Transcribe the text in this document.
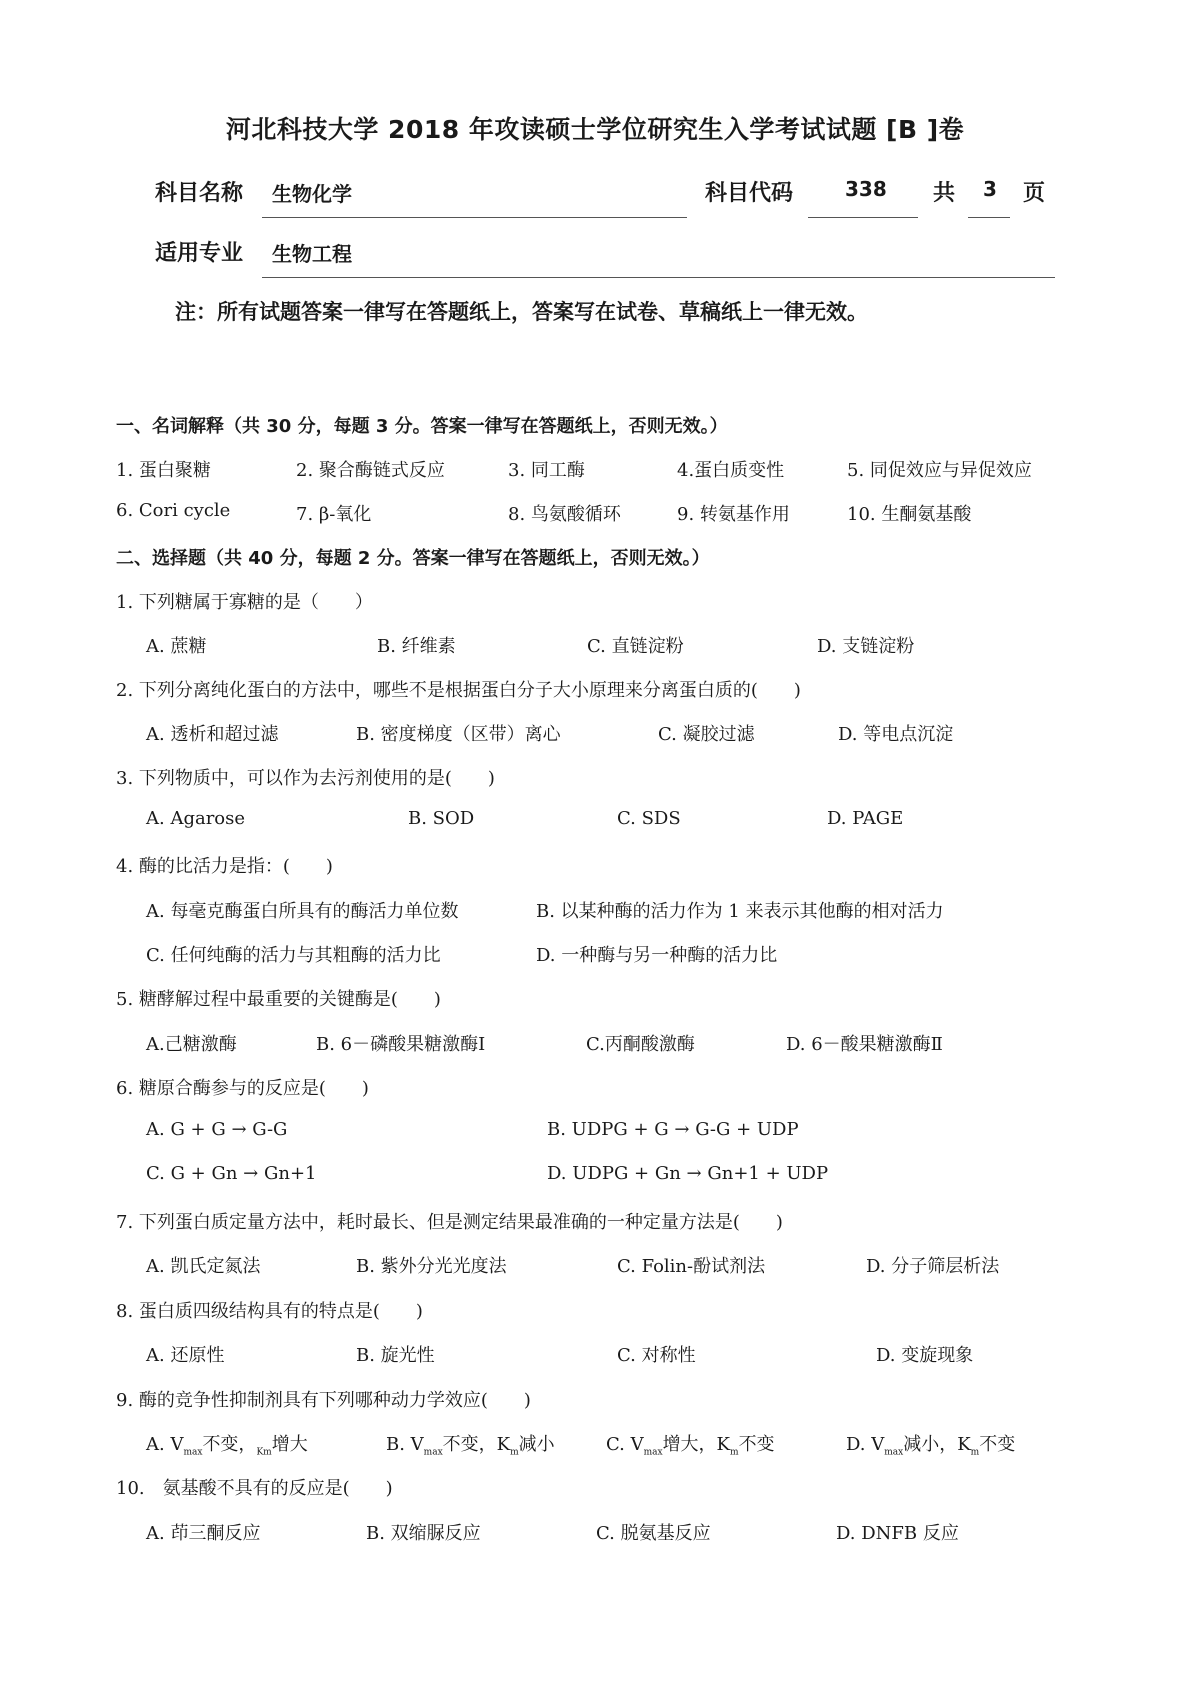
河北科技大学 2018 年攻读硕士学位研究生入学考试试题 [B ]卷
科目名称 生物化学	科目代码	338 共 3 页
适用专业 生物工程
注：所有试题答案一律写在答题纸上，答案写在试卷、草稿纸上一律无效。
一、名词解释（共 30 分，每题 3 分。答案一律写在答题纸上，否则无效。）
1. 蛋白聚糖	2. 聚合酶链式反应	3. 同工酶	4.蛋白质变性	5. 同促效应与异促效应
6. Cori cycle	7. β-氧化	8. 鸟氨酸循环	9. 转氨基作用	10. 生酮氨基酸
二、选择题（共 40 分，每题 2 分。答案一律写在答题纸上，否则无效。）
1. 下列糖属于寡糖的是（　　）
A. 蔗糖	B. 纤维素	C. 直链淀粉	D. 支链淀粉
2. 下列分离纯化蛋白的方法中，哪些不是根据蛋白分子大小原理来分离蛋白质的(　　)
A. 透析和超过滤	B. 密度梯度（区带）离心	C. 凝胶过滤	D. 等电点沉淀
3. 下列物质中，可以作为去污剂使用的是(　　)
A. Agarose	B. SOD	C. SDS	D. PAGE
4. 酶的比活力是指：(　　)
A. 每毫克酶蛋白所具有的酶活力单位数	B. 以某种酶的活力作为 1 来表示其他酶的相对活力
C. 任何纯酶的活力与其粗酶的活力比	D. 一种酶与另一种酶的活力比
5. 糖酵解过程中最重要的关键酶是(　　)
A.己糖激酶	B. 6－磷酸果糖激酶Ⅰ	C.丙酮酸激酶	D. 6－酸果糖激酶Ⅱ
6. 糖原合酶参与的反应是(　　)
A. G + G → G-G	B. UDPG + G → G-G + UDP
C. G + Gn → Gn+1	D. UDPG + Gn → Gn+1 + UDP
7. 下列蛋白质定量方法中，耗时最长、但是测定结果最准确的一种定量方法是(　　)
A. 凯氏定氮法	B. 紫外分光光度法	C. Folin-酚试剂法	D. 分子筛层析法
8. 蛋白质四级结构具有的特点是(　　)
A. 还原性	B. 旋光性	C. 对称性	D. 变旋现象
9. 酶的竞争性抑制剂具有下列哪种动力学效应(　　)
A. $V_{max}$不变，$_{Km}$增大	B. $V_{max}$不变，$K_m$减小	C. $V_{max}$增大，$K_m$不变	D. $V_{max}$减小，$K_m$不变
10.　氨基酸不具有的反应是(　　)
A. 茚三酮反应	B. 双缩脲反应	C. 脱氨基反应	D. DNFB 反应
